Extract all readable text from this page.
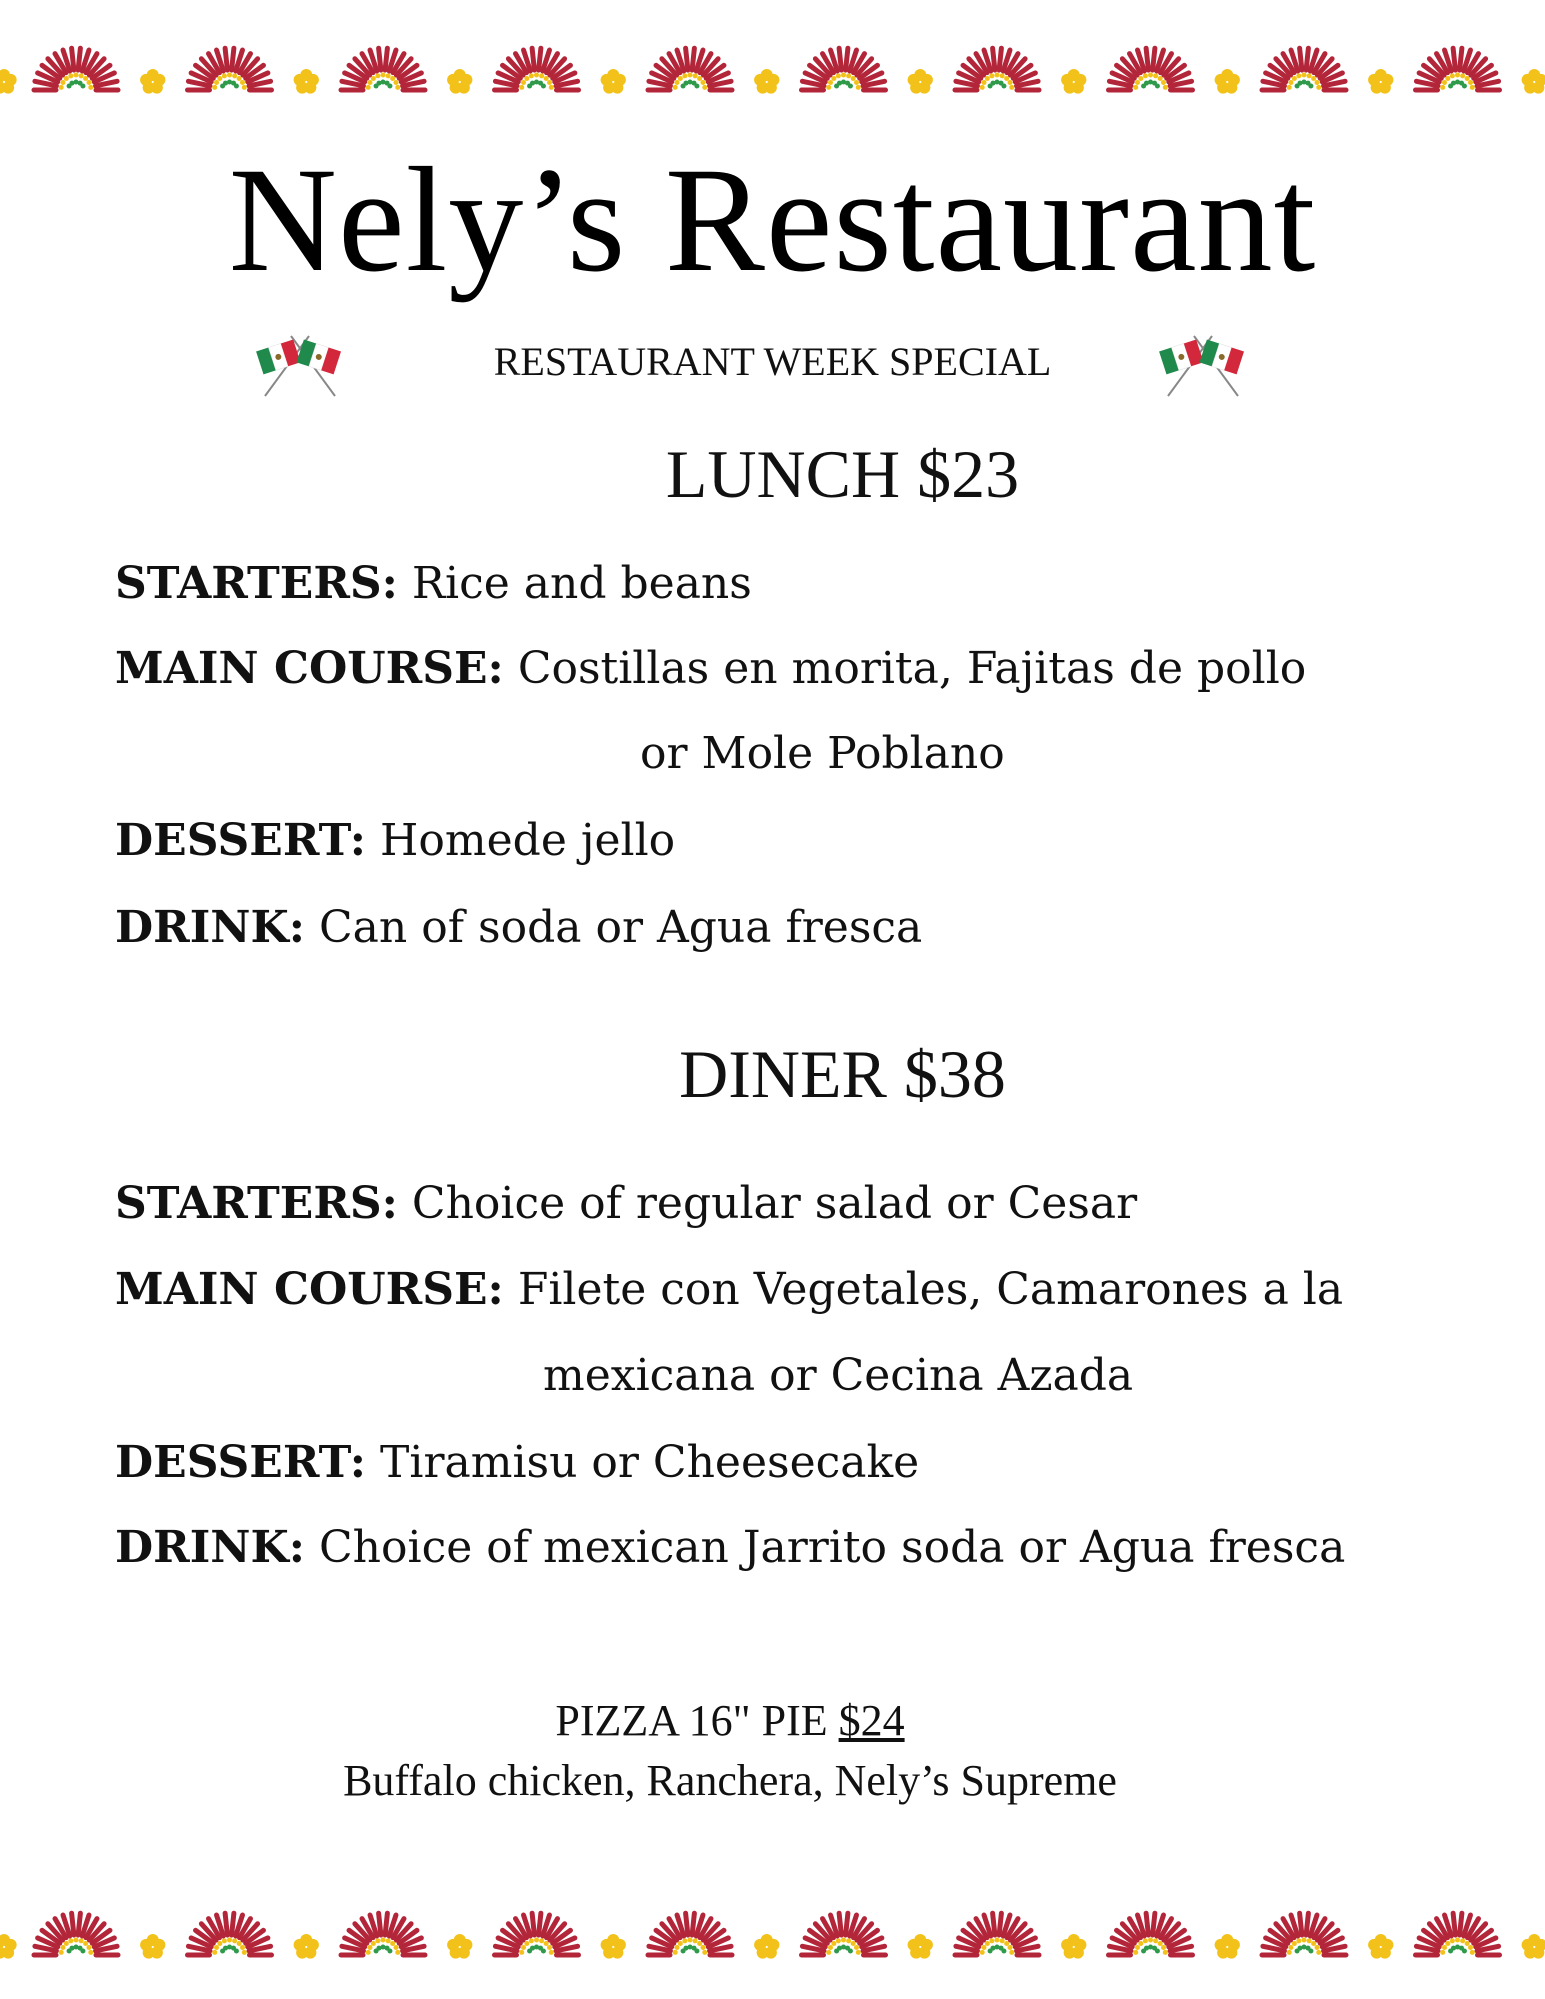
Nely’s Restaurant
RESTAURANT WEEK SPECIAL
LUNCH $23
STARTERS: Rice and beans
MAIN COURSE: Costillas en morita, Fajitas de pollo
or Mole Poblano
DESSERT: Homede jello
DRINK: Can of soda or Agua fresca
DINER $38
STARTERS: Choice of regular salad or Cesar
MAIN COURSE: Filete con Vegetales, Camarones a la
mexicana or Cecina Azada
DESSERT: Tiramisu or Cheesecake
DRINK: Choice of mexican Jarrito soda or Agua fresca
PIZZA 16" PIE $24
Buffalo chicken, Ranchera, Nely’s Supreme
